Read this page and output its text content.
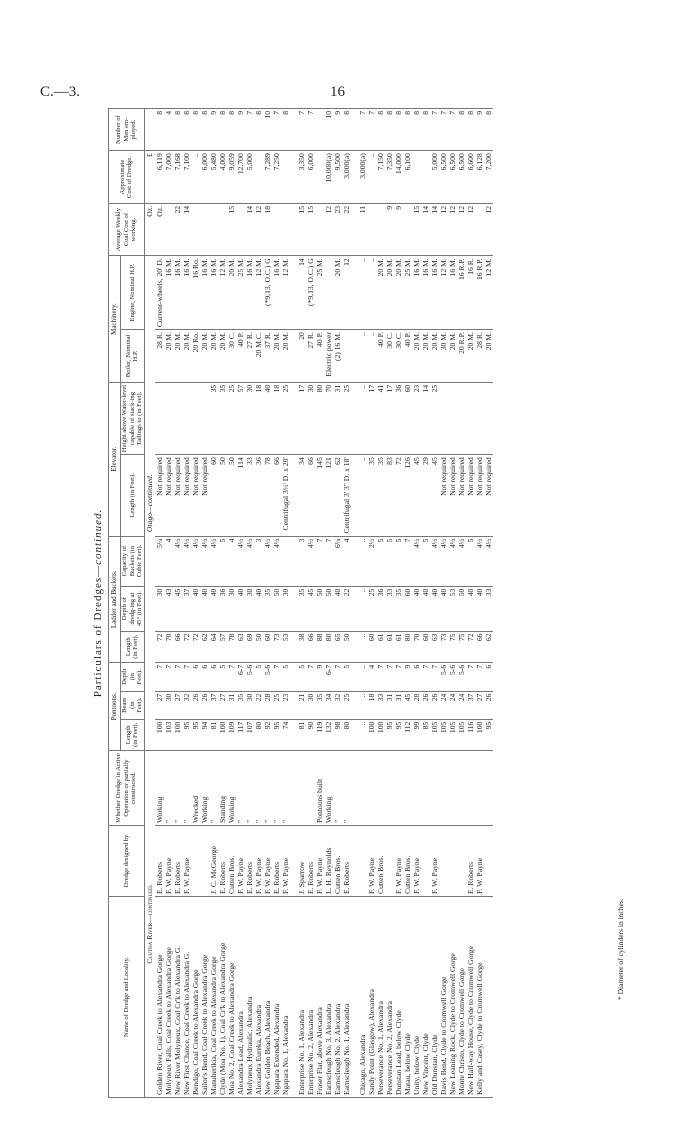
C.—3.	16
Particulars of Dredges—continued.
Name of Dredge and Locality.	Dredge designed by	Whether Dredge in Active Operation or partially constructed.	Pontoons.			Ladder and Buckets.			Elevator.		Machinery.		Average Weekly Coal Cost of working.	Approximate Cost of Dredge.	Number of Men em-ployed.
			Length (in Feet).	Beam (in Feet).	Depth (in Feet).	Length (in Feet).	Depth of dredg-ing at 45° (in Feet).	Capacity of Buckets (in Cubic Feet).	Length (in Feet).	Height above Water-level capable of stack-ing Tailings to (in Feet).	Boiler, Nominal H.P.	Engine, Nominal H.P.			

Clutha River—continued.			Otago—continued.										Oz.	£	
Golden River, Coal Creek to Alexandra Gorge	E. Roberts	Working	100	27	7	72	30	5¼	Not required		28 R.	Current-wheels, 20' D.	Oz.	6,119	8
Molyneux Falls, Coal Creek to Alexandra Gorge	F. W. Payne	"	103	30	7	70	43	4	Not required		20 M.	16 M.		7,000	4
New River Molyneux, Coal Cr'k to Alexandra G.	E. Roberts	"	100	27	7	66	45	4½	Not required		20 M.	16 M.	22	7,168	8
New First Chance, Coal Creek to Alexandra G.	F. W. Payne	"	95	32	7	72	37	4½	Not required		20 M.	16 M.	14	7,100	8
Bendigo, Coal Creek to Alexandra Gorge		Wrecked	95	26	6	72	40	4½	Not required		20 Ro.	16 Ro.		..	8
Sailor's Bend, Coal Creek to Alexandra Gorge		Working	94	26	6	62	40	4½	Not required		20 M.	16 M.		6,000	8
Manuherikia, Coal Creek to Alexandra Gorge	J. C. McGeorge	"	81	37	6	64	40	4½	60	35	20 M.	16 M.		5,480	9
Clyde (Moa No. 1), Coal Cr'k to Alexandra Gorge	E. Roberts	Standing	100	27	5	57	36	5	50	35	20 M.	12 M.		4,000	8
Moa No. 2, Coal Creek to Alexandra Gorge	Cutten Bros.	Working	109	31	7	78	30	4	50	25	30 C.	20 M.	15	9,059	8
Alexandra Lead, Alexandra	F. W. Payne	"	117	35	6-7	63	40	4½	114	57	40 P.	25 M.		12,700	9
Molyneux Hydraulic, Alexandra	E. Roberts	"	107	30	5-6	69	30	4½	33	30	27 R.	16 M.	14	5,000	7
Alexandra Eureka, Alexandra	F. W. Payne	"	80	22	5	50	40	3	36	18	20 M.C.	12 M.	12		8
New Golden Beach, Alexandra	F. W. Payne	"	92	28	5-6	60	35	4½	78	40	37 R.	(*9,13, O.C.) G	18	7,289	10
Ngapara Extended, Alexandra	E. Roberts	"	95	25	7	73	50	4½	66	18	20 M.	16 M.		7,250	7
Ngapara No. 1, Alexandra	F. W. Payne	"	74	23	5	53	30		Centrifugal 3½' D. x 20'	25	20 M.	12 M.			8

Enterprise No. 1, Alexandra	J. Sparrow		81	21	5	38	35	3	34	17	20	14	15	3,350	7
Enterprise No. 2, Alexandra	E. Roberts		90	30	7	66	45	4½	66	30	27 R.	(*9,13, O.C.) G	15	6,000	7
Fraser Flat, above Alexandra	F. W. Payne	Pontoons built	119	35	9	88	50	7	145	80	40 P.	25 M.			
Earnscleugh No. 3, Alexandra	L. H. Reynolds	Working	132	34	6-7	80	50	7	121	70	Electric power		12	10,000(a)	10
Earnscleugh No. 2, Alexandra	Cutten Bros.	"	98	32	7	65	40	6¼	62	31	(2) 16 M.	20 M.	23	9,500	9
Earnscleugh No. 1, Alexandra	E. Roberts	"	80	25	5	50	22	4	Centrifugal 3' 3" D. x 18'	25		12	22	3,000(a)	8

Chicago, Alexandra			..	..	..	..	..	..	..	..	..	..	11	3,000(a)	7
Sandy Point (Glasgow), Alexandra	F. W. Payne		100	18	4	60	25	2½	35	17	..	..		..	7
Perseverance No. 1, Alexandra	Cutten Bros.		100	33	7	61	36	5	35	41	40 P.	20 M.		7,150	8
Perseverance No. 2, Alexandra			95	31	7	61	33	5	83	17	30 C.	20 M.	9	7,350	8
Dunstan Lead, below Clyde	F. W. Payne		95	31	7	61	35	5	72	36	30 C.	20 M.	9	14,000	8
Matau, below Clyde	Cutten Bros.		112	45	9	80	60	7	126	60	40 P.	25 M.		6,100	8
Unity, below Clyde	F. W. Payne		99	28	6	70	40	4½	45	23	20 M.	16 M.	15		8
New Vincent, Clyde			85	26	7	60	40	5	29	14	20 M.	16 M.	14		8
Old Dunstan, Clyde	F. W. Payne		105	26	7	63	40	4½	45	25	20 M.	16 M.	14	5,000	7
Davis Bend, Clyde to Cromwell Gorge			105	24	5-6	73	40	4½	Not required		30 M.	12 M.	12	6,500	7
New Leaning Rock, Clyde to Cromwell Gorge			105	24	5-6	75	53	4½	Not required		20 M.	16 M.	12	6,500	7
Monte Christo, Clyde to Cromwell Gorge			105	24	5-6	75	50	4½	Not required		20 R.P.	16 R.P.	12	6,500	8
New Half-way House, Clyde to Cromwell Gorge	E. Roberts		116	37	7	72	40	5	Not required		20 M.	16 R.	12	6,600	8
Kelly and Casey, Clyde to Cromwell Gorge	F. W. Payne		100	27	7	66	40	4½	Not required		28 R.	16 R.P.		6,128	9
			95	26	6	62	33	4½	Not required		20 M.	12 M.	12	7,200	8
* Diameter of cylinders in inches.
